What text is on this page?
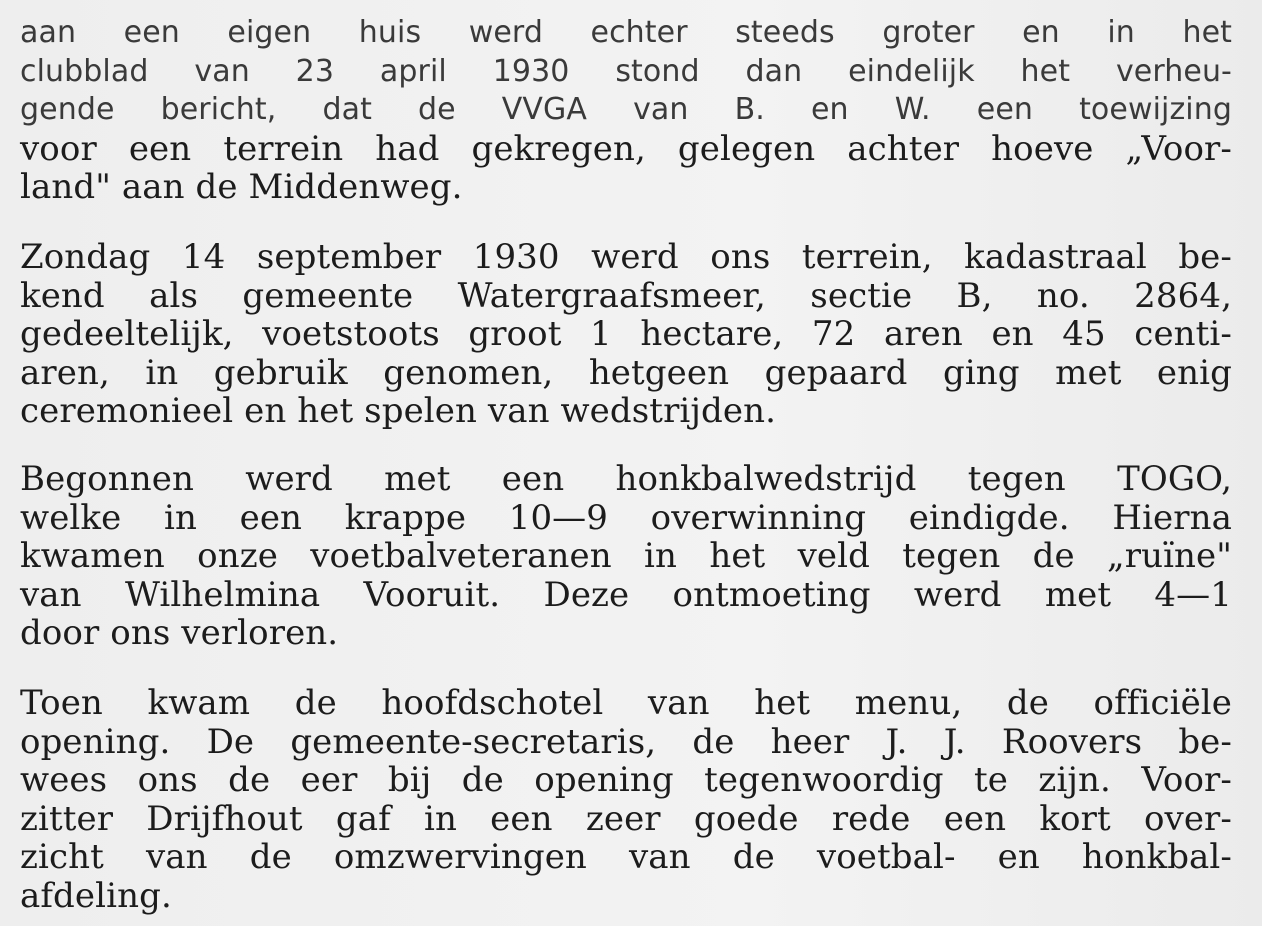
aan een eigen huis werd echter steeds groter en in het
clubblad van 23 april 1930 stond dan eindelijk het verheu-
gende bericht, dat de VVGA van B. en W. een toewijzing
voor een terrein had gekregen, gelegen achter hoeve „Voor-
land" aan de Middenweg.
Zondag 14 september 1930 werd ons terrein, kadastraal be-
kend als gemeente Watergraafsmeer, sectie B, no. 2864,
gedeeltelijk, voetstoots groot 1 hectare, 72 aren en 45 centi-
aren, in gebruik genomen, hetgeen gepaard ging met enig
ceremonieel en het spelen van wedstrijden.
Begonnen werd met een honkbalwedstrijd tegen TOGO,
welke in een krappe 10—9 overwinning eindigde. Hierna
kwamen onze voetbalveteranen in het veld tegen de „ruïne"
van Wilhelmina Vooruit. Deze ontmoeting werd met 4—1
door ons verloren.
Toen kwam de hoofdschotel van het menu, de officiële
opening. De gemeente-secretaris, de heer J. J. Roovers be-
wees ons de eer bij de opening tegenwoordig te zijn. Voor-
zitter Drijfhout gaf in een zeer goede rede een kort over-
zicht van de omzwervingen van de voetbal- en honkbal-
afdeling.
